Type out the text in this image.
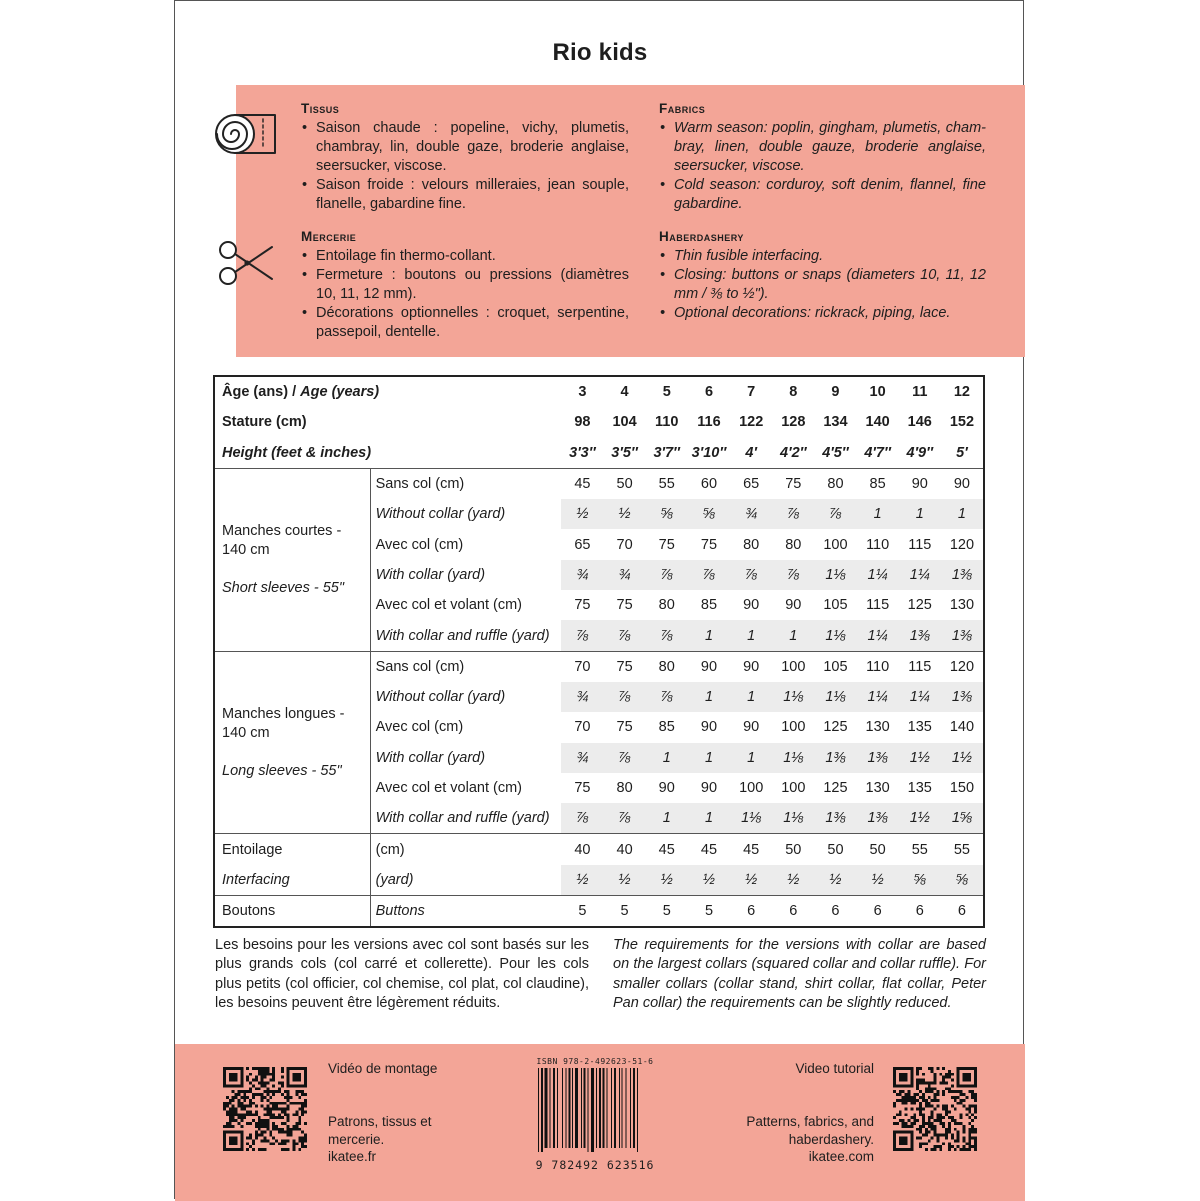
Rio kids
Tissus
• Saison chaude : popeline, vichy, plumetis, chambray, lin, double gaze, broderie anglaise, seersucker, viscose.
• Saison froide : velours milleraies, jean souple, flanelle, gabardine fine.
Mercerie
• Entoilage fin thermo-collant.
• Fermeture : boutons ou pressions (diamètres 10, 11, 12 mm).
• Décorations optionnelles : croquet, serpentine, passepoil, dentelle.
Fabrics
• Warm season: poplin, gingham, plumetis, cham-bray, linen, double gauze, broderie anglaise, seersucker, viscose.
• Cold season: corduroy, soft denim, flannel, fine gabardine.
Haberdashery
• Thin fusible interfacing.
• Closing: buttons or snaps (diameters 10, 11, 12 mm / ⅜ to ½").
• Optional decorations: rickrack, piping, lace.
Âge (ans) / Age (years)		3	4	5	6	7	8	9	10	11	12
Stature (cm)		98	104	110	116	122	128	134	140	146	152
Height (feet & inches)		3′3″	3′5″	3′7″	3′10″	4′	4′2″	4′5″	4′7″	4′9″	5′

Manches courtes - 140 cm
Short sleeves - 55"	Sans col (cm)	45	50	55	60	65	75	80	85	90	90
	Without collar (yard)	½	½	⅝	⅝	¾	⅞	⅞	1	1	1
	Avec col (cm)	65	70	75	75	80	80	100	110	115	120
	With collar (yard)	¾	¾	⅞	⅞	⅞	⅞	1⅛	1¼	1¼	1⅜
	Avec col et volant (cm)	75	75	80	85	90	90	105	115	125	130
	With collar and ruffle (yard)	⅞	⅞	⅞	1	1	1	1⅛	1¼	1⅜	1⅜

Manches longues - 140 cm
Long sleeves - 55"	Sans col (cm)	70	75	80	90	90	100	105	110	115	120
	Without collar (yard)	¾	⅞	⅞	1	1	1⅛	1⅛	1¼	1¼	1⅜
	Avec col (cm)	70	75	85	90	90	100	125	130	135	140
	With collar (yard)	¾	⅞	1	1	1	1⅛	1⅜	1⅜	1½	1½
	Avec col et volant (cm)	75	80	90	90	100	100	125	130	135	150
	With collar and ruffle (yard)	⅞	⅞	1	1	1⅛	1⅛	1⅜	1⅜	1½	1⅝
Entoilage	(cm)	40	40	45	45	45	50	50	50	55	55
Interfacing	(yard)	½	½	½	½	½	½	½	½	⅝	⅝
Boutons	Buttons	5	5	5	5	6	6	6	6	6	6
Les besoins pour les versions avec col sont basés sur les plus grands cols (col carré et collerette). Pour les cols plus petits (col officier, col chemise, col plat, col claudine), les besoins peuvent être légèrement réduits.
The requirements for the versions with collar are based on the largest collars (squared collar and collar ruffle). For smaller collars (collar stand, shirt collar, flat collar, Peter Pan collar) the requirements can be slightly reduced.
Vidéo de montage
Patrons, tissus et
mercerie.
ikatee.fr
ISBN 978-2-492623-51-6
9 782492 623516
Video tutorial
Patterns, fabrics, and
haberdashery.
ikatee.com
